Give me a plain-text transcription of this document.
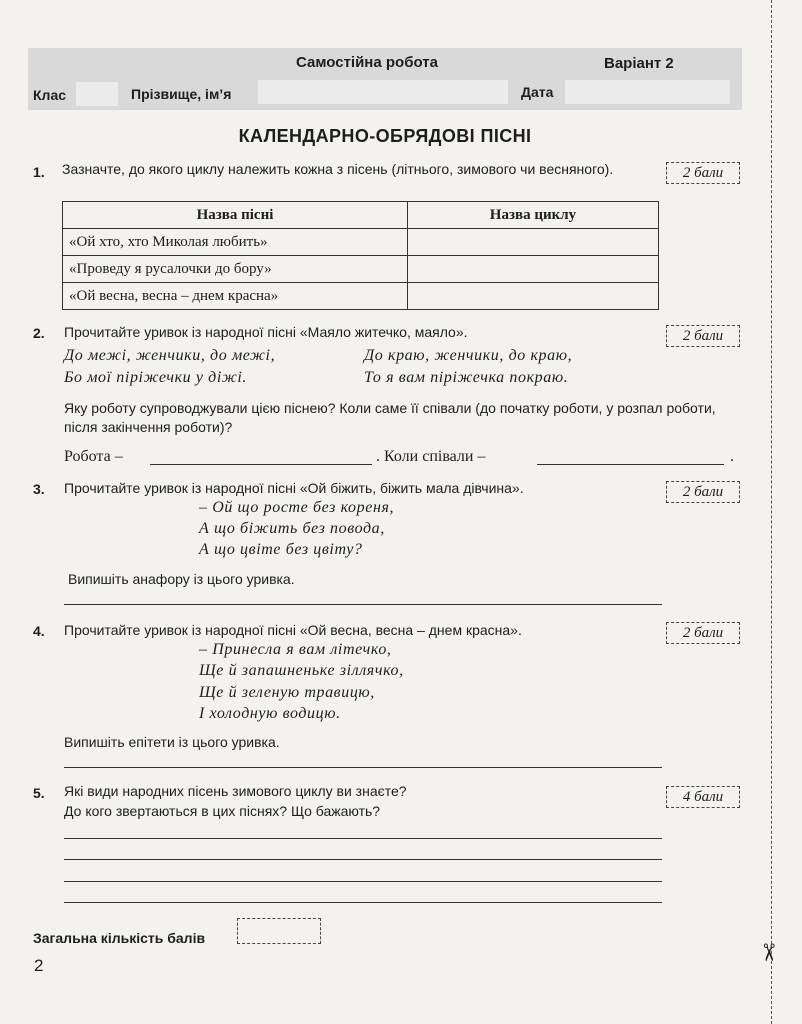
Самостійна робота	Варіант 2
Клас	Прізвище, ім’я	Дата
КАЛЕНДАРНО-ОБРЯДОВІ ПІСНІ
1. Зазначте, до якого циклу належить кожна з пісень (літнього, зимового чи весняного).	2 бали
Назва пісні	Назва циклу
«Ой хто, хто Миколая любить»	
«Проведу я русалочки до бору»	
«Ой весна, весна – днем красна»	
2. Прочитайте уривок із народної пісні «Маяло житечко, маяло».	2 бали
До межі, женчики, до межі,
Бо мої піріжечки у діжі.
До краю, женчики, до краю,
То я вам піріжечка покраю.
Яку роботу супроводжували цією піснею? Коли саме її співали (до початку роботи, у розпал роботи, після закінчення роботи)?
Робота –	. Коли співали –	.
3. Прочитайте уривок із народної пісні «Ой біжить, біжить мала дівчина».	2 бали
– Ой що росте без кореня,
А що біжить без повода,
А що цвіте без цвіту?
Випишіть анафору із цього уривка.
4. Прочитайте уривок із народної пісні «Ой весна, весна – днем красна».	2 бали
– Принесла я вам літечко,
Ще й запашненьке зіллячко,
Ще й зеленую травицю,
І холодную водицю.
Випишіть епітети із цього уривка.
5. Які види народних пісень зимового циклу ви знаєте?
До кого звертаються в цих піснях? Що бажають?
4 бали
Загальна кількість балів
2
✂
